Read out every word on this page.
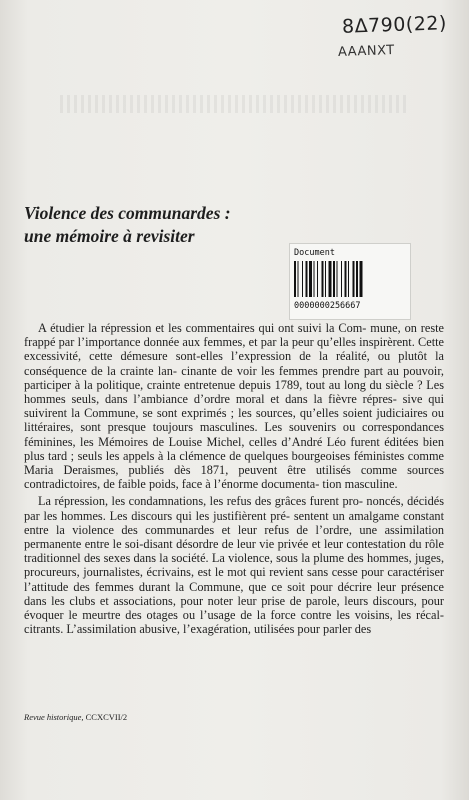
8Δ790(22)
AAANXT
Violence des communardes :
une mémoire à revisiter
Document
0000000256667

A étudier la répression et les commentaires qui ont suivi la Com- mune, on reste frappé par l’importance donnée aux femmes, et par la peur qu’elles inspirèrent. Cette excessivité, cette démesure sont-elles l’expression de la réalité, ou plutôt la conséquence de la crainte lan- cinante de voir les femmes prendre part au pouvoir, participer à la politique, crainte entretenue depuis 1789, tout au long du siècle ? Les hommes seuls, dans l’ambiance d’ordre moral et dans la fièvre répres- sive qui suivirent la Commune, se sont exprimés ; les sources, qu’elles soient judiciaires ou littéraires, sont presque toujours masculines. Les souvenirs ou correspondances féminines, les Mémoires de Louise Michel, celles d’André Léo furent éditées bien plus tard ; seuls les appels à la clémence de quelques bourgeoises féministes comme Maria Deraismes, publiés dès 1871, peuvent être utilisés comme sources contradictoires, de faible poids, face à l’énorme documenta- tion masculine.

La répression, les condamnations, les refus des grâces furent pro- noncés, décidés par les hommes. Les discours qui les justifièrent pré- sentent un amalgame constant entre la violence des communardes et leur refus de l’ordre, une assimilation permanente entre le soi-disant désordre de leur vie privée et leur contestation du rôle traditionnel des sexes dans la société. La violence, sous la plume des hommes, juges, procureurs, journalistes, écrivains, est le mot qui revient sans cesse pour caractériser l’attitude des femmes durant la Commune, que ce soit pour décrire leur présence dans les clubs et associations, pour noter leur prise de parole, leurs discours, pour évoquer le meurtre des otages ou l’usage de la force contre les voisins, les récal- citrants. L’assimilation abusive, l’exagération, utilisées pour parler des

Revue historique, CCXCVII/2
